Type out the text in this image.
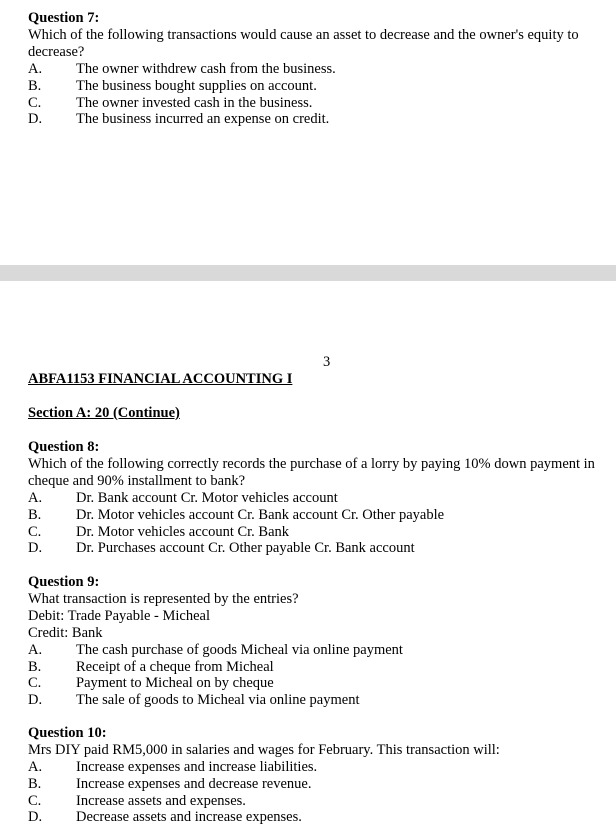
Question 7:
Which of the following transactions would cause an asset to decrease and the owner's equity to decrease?
A. The owner withdrew cash from the business.
B. The business bought supplies on account.
C. The owner invested cash in the business.
D. The business incurred an expense on credit.
3
ABFA1153 FINANCIAL ACCOUNTING I
Section A: 20 (Continue)
Question 8:
Which of the following correctly records the purchase of a lorry by paying 10% down payment in cheque and 90% installment to bank?
A. Dr. Bank account Cr. Motor vehicles account
B. Dr. Motor vehicles account Cr. Bank account Cr. Other payable
C. Dr. Motor vehicles account Cr. Bank
D. Dr. Purchases account Cr. Other payable Cr. Bank account
Question 9:
What transaction is represented by the entries?
Debit: Trade Payable - Micheal
Credit: Bank
A. The cash purchase of goods Micheal via online payment
B. Receipt of a cheque from Micheal
C. Payment to Micheal on by cheque
D. The sale of goods to Micheal via online payment
Question 10:
Mrs DIY paid RM5,000 in salaries and wages for February. This transaction will:
A. Increase expenses and increase liabilities.
B. Increase expenses and decrease revenue.
C. Increase assets and expenses.
D. Decrease assets and increase expenses.
